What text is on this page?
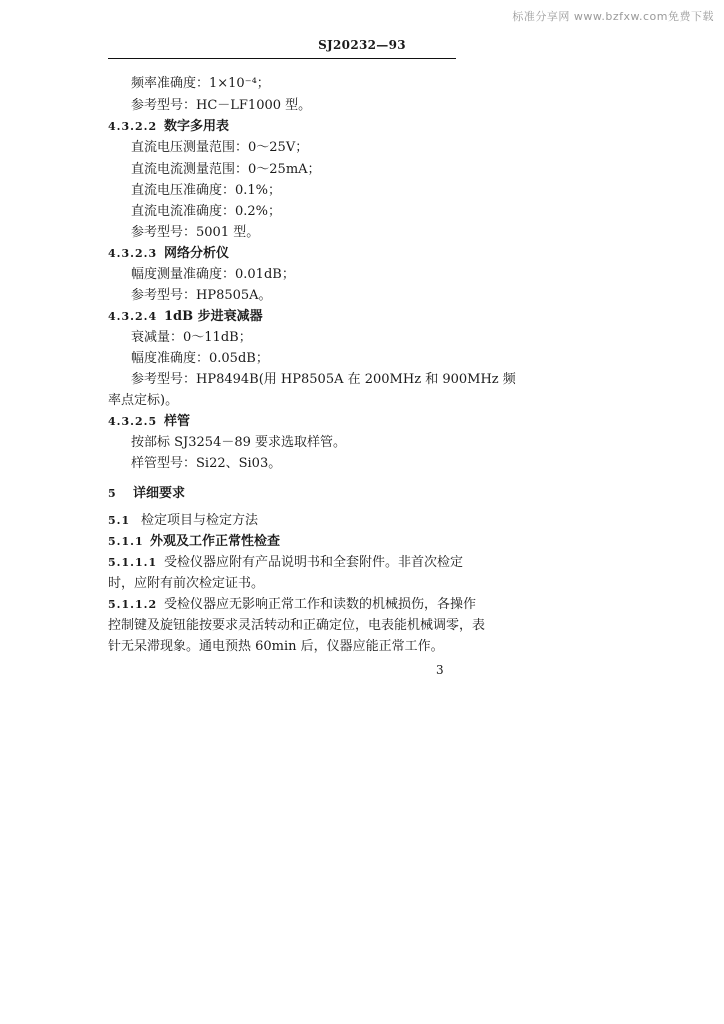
标准分享网 www.bzfxw.com免费下载
SJ20232—93
频率准确度：1×10⁻⁴；
参考型号：HC－LF1000 型。
4.3.2.2 数字多用表
直流电压测量范围：0～25V；
直流电流测量范围：0～25mA；
直流电压准确度：0.1%；
直流电流准确度：0.2%；
参考型号：5001 型。
4.3.2.3 网络分析仪
幅度测量准确度：0.01dB；
参考型号：HP8505A。
4.3.2.4 1dB 步进衰减器
衰减量：0～11dB；
幅度准确度：0.05dB；
参考型号：HP8494B(用 HP8505A 在 200MHz 和 900MHz 频
率点定标)。
4.3.2.5 样管
按部标 SJ3254－89 要求选取样管。
样管型号：Si22、Si03。
5 详细要求
5.1 检定项目与检定方法
5.1.1 外观及工作正常性检查
5.1.1.1 受检仪器应附有产品说明书和全套附件。非首次检定
时，应附有前次检定证书。
5.1.1.2 受检仪器应无影响正常工作和读数的机械损伤，各操作
控制键及旋钮能按要求灵活转动和正确定位，电表能机械调零，表
针无呆滞现象。通电预热 60min 后，仪器应能正常工作。
3
